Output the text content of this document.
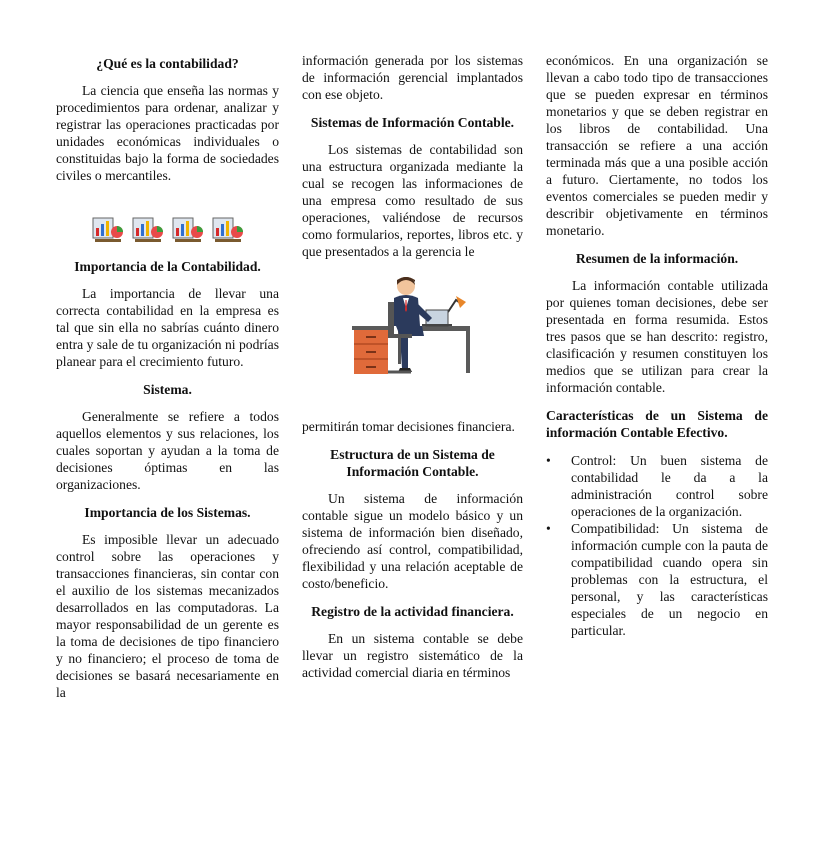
¿Qué es la contabilidad?

La ciencia que enseña las normas y procedimientos para ordenar, analizar y registrar las operaciones practicadas por unidades económicas individuales o constituidas bajo la forma de sociedades civiles o mercantiles.

Importancia de la Contabilidad.

La importancia de llevar una correcta contabilidad en la empresa es tal que sin ella no sabrías cuánto dinero entra y sale de tu organización ni podrías planear para el crecimiento futuro.

Sistema.

Generalmente se refiere a todos aquellos elementos y sus relaciones, los cuales soportan y ayudan a la toma de decisiones óptimas en las organizaciones.

Importancia de los Sistemas.

Es imposible llevar un adecuado control sobre las operaciones y transacciones financieras, sin contar con el auxilio de los sistemas mecanizados desarrollados en las computadoras. La mayor responsabilidad de un gerente es la toma de decisiones de tipo financiero y no financiero; el proceso de toma de decisiones se basará necesariamente en la

información generada por los sistemas de información gerencial implantados con ese objeto.

Sistemas de Información Contable.

Los sistemas de contabilidad son una estructura organizada mediante la cual se recogen las informaciones de una empresa como resultado de sus operaciones, valiéndose de recursos como formularios, reportes, libros etc. y que presentados a la gerencia le

permitirán tomar decisiones financiera.

Estructura de un Sistema de Información Contable.

Un sistema de información contable sigue un modelo básico y un sistema de información bien diseñado, ofreciendo así control, compatibilidad, flexibilidad y una relación aceptable de costo/beneficio.

Registro de la actividad financiera.

En un sistema contable se debe llevar un registro sistemático de la actividad comercial diaria en términos

económicos. En una organización se llevan a cabo todo tipo de transacciones que se pueden expresar en términos monetarios y que se deben registrar en los libros de contabilidad. Una transacción se refiere a una acción terminada más que a una posible acción a futuro. Ciertamente, no todos los eventos comerciales se pueden medir y describir objetivamente en términos monetario.

Resumen de la información.

La información contable utilizada por quienes toman decisiones, debe ser presentada en forma resumida. Estos tres pasos que se han descrito: registro, clasificación y resumen constituyen los medios que se utilizan para crear la información contable.

Características de un Sistema de información Contable Efectivo.
• Control: Un buen sistema de contabilidad le da a la administración control sobre operaciones de la organización.
• Compatibilidad: Un sistema de información cumple con la pauta de compatibilidad cuando opera sin problemas con la estructura, el personal, y las características especiales de un negocio en particular.
